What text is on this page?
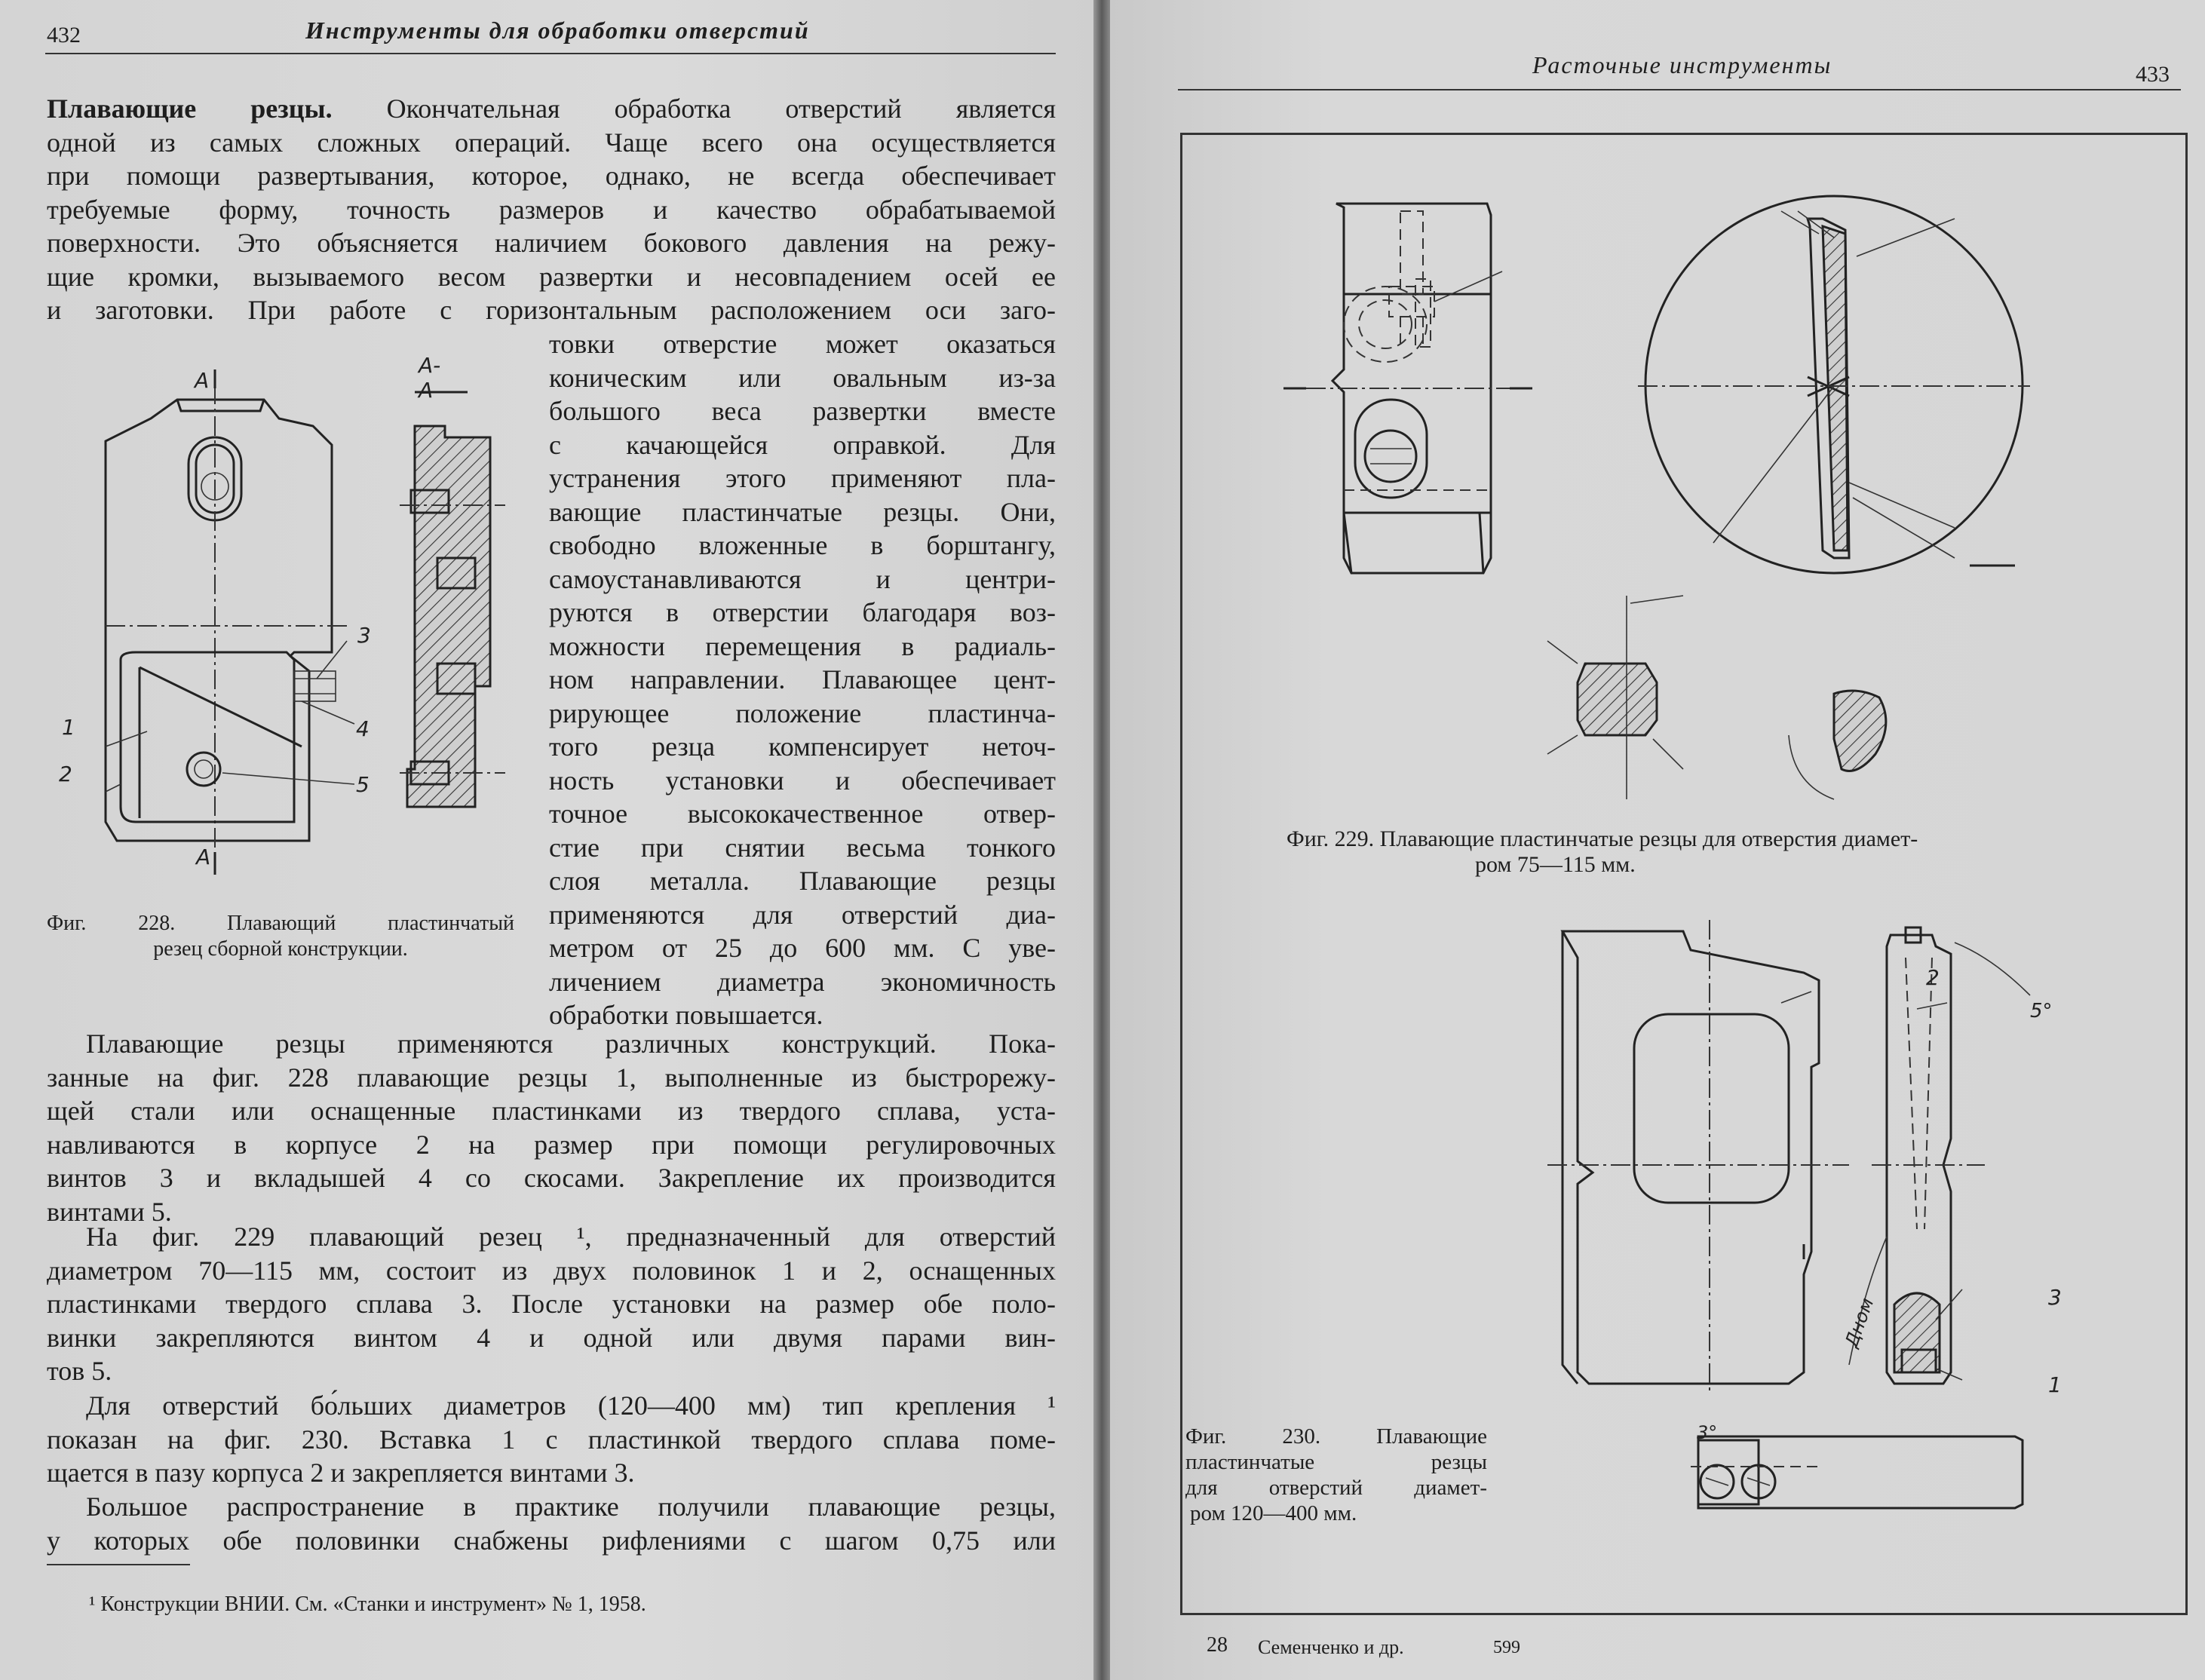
432	Инструменты для обработки отверстий
Плавающие резцы. Окончательная обработка отверстий является
одной из самых сложных операций. Чаще всего она осуществляется
при помощи развертывания, которое, однако, не всегда обеспечивает
требуемые форму, точность размеров и качество обрабатываемой
поверхности. Это объясняется наличием бокового давления на режу-
щие кромки, вызываемого весом развертки и несовпадением осей ее
и заготовки. При работе с горизонтальным расположением оси заго-
товки отверстие может оказаться
коническим или овальным из-за
большого веса развертки вместе
с качающейся оправкой. Для
устранения этого применяют пла-
вающие пластинчатые резцы. Они,
свободно вложенные в борштангу,
самоустанавливаются и центри-
руются в отверстии благодаря воз-
можности перемещения в радиаль-
ном направлении. Плавающее цент-
рирующее положение пластинча-
того резца компенсирует неточ-
ность установки и обеспечивает
точное высококачественное отвер-
стие при снятии весьма тонкого
слоя металла. Плавающие резцы
применяются для отверстий диа-
метром от 25 до 600 мм. С уве-
личением диаметра экономичность
обработки повышается.
А
А
А-А
1
2
3
4
5
Фиг. 228. Плавающий пластинчатый
резец сборной конструкции.
Плавающие резцы применяются различных конструкций. Пока-
занные на фиг. 228 плавающие резцы 1, выполненные из быстрорежу-
щей стали или оснащенные пластинками из твердого сплава, уста-
навливаются в корпусе 2 на размер при помощи регулировочных
винтов 3 и вкладышей 4 со скосами. Закрепление их производится
винтами 5.
На фиг. 229 плавающий резец ¹, предназначенный для отверстий
диаметром 70—115 мм, состоит из двух половинок 1 и 2, оснащенных
пластинками твердого сплава 3. После установки на размер обе поло-
винки закрепляются винтом 4 и одной или двумя парами вин-
тов 5.
Для отверстий бо́льших диаметров (120—400 мм) тип крепления ¹
показан на фиг. 230. Вставка 1 с пластинкой твердого сплава поме-
щается в пазу корпуса 2 и закрепляется винтами 3.
Большое распространение в практике получили плавающие резцы,
у которых обе половинки снабжены рифлениями с шагом 0,75 или
¹ Конструкции ВНИИ. См. «Станки и инструмент» № 1, 1958.
Расточные инструменты	433
Фиг. 229. Плавающие пластинчатые резцы для отверстия диамет-
ром 75—115 мм.
2
5°
3
1
Дном
3°
Фиг. 230. Плавающие
пластинчатые резцы
для отверстий диамет-
ром 120—400 мм.
28 Семенченко и др.	599
